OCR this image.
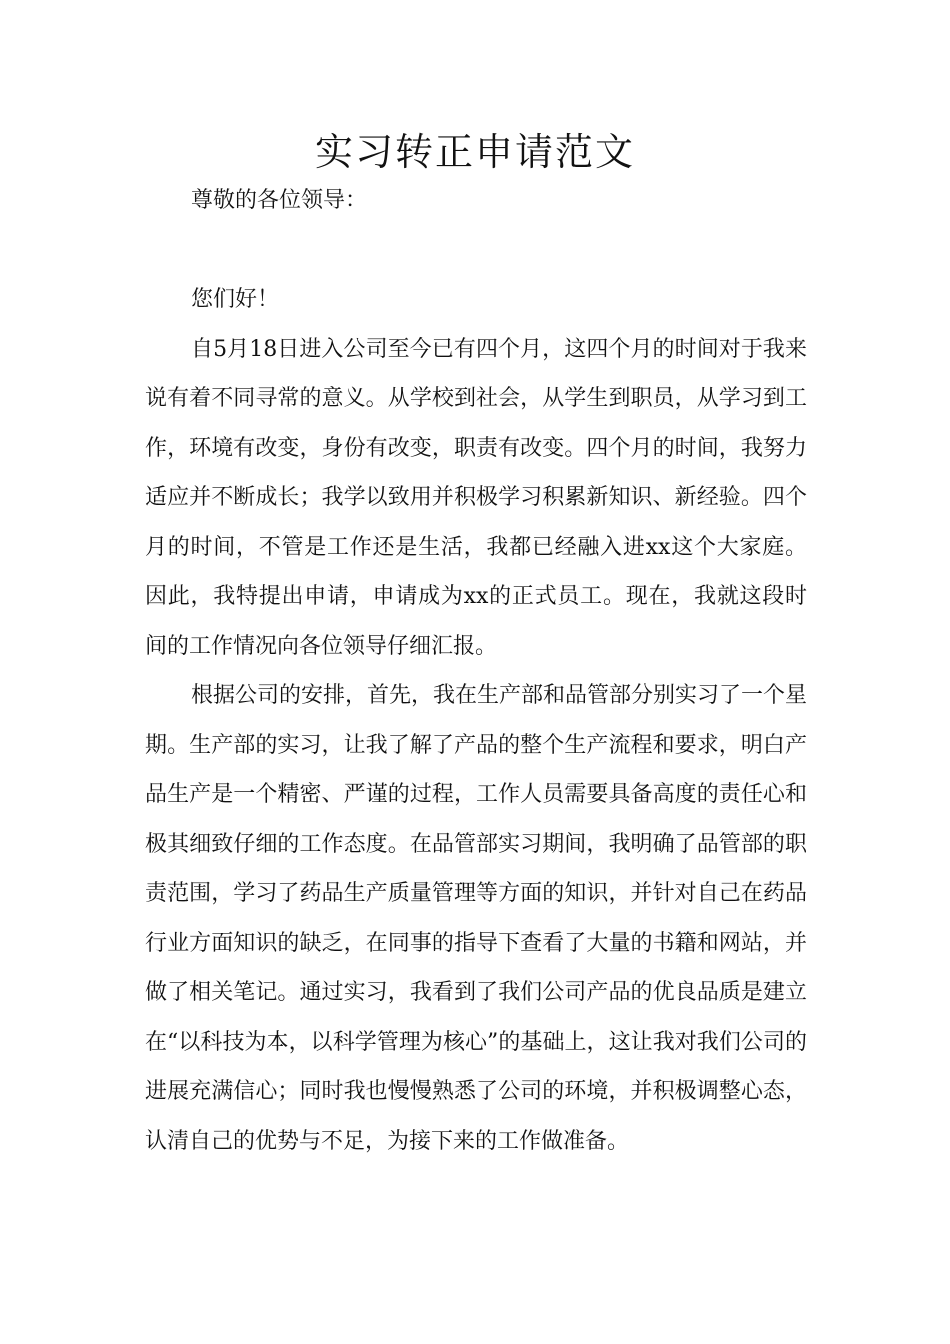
实习转正申请范文

尊敬的各位领导：

您们好！

自5月18日进入公司至今已有四个月，这四个月的时间对于我来说有着不同寻常的意义。从学校到社会，从学生到职员，从学习到工作，环境有改变，身份有改变，职责有改变。四个月的时间，我努力适应并不断成长；我学以致用并积极学习积累新知识、新经验。四个月的时间，不管是工作还是生活，我都已经融入进xx这个大家庭。因此，我特提出申请，申请成为xx的正式员工。现在，我就这段时间的工作情况向各位领导仔细汇报。

根据公司的安排，首先，我在生产部和品管部分别实习了一个星期。生产部的实习，让我了解了产品的整个生产流程和要求，明白产品生产是一个精密、严谨的过程，工作人员需要具备高度的责任心和极其细致仔细的工作态度。在品管部实习期间，我明确了品管部的职责范围，学习了药品生产质量管理等方面的知识，并针对自己在药品行业方面知识的缺乏，在同事的指导下查看了大量的书籍和网站，并做了相关笔记。通过实习，我看到了我们公司产品的优良品质是建立在“以科技为本，以科学管理为核心”的基础上，这让我对我们公司的进展充满信心；同时我也慢慢熟悉了公司的环境，并积极调整心态，认清自己的优势与不足，为接下来的工作做准备。
